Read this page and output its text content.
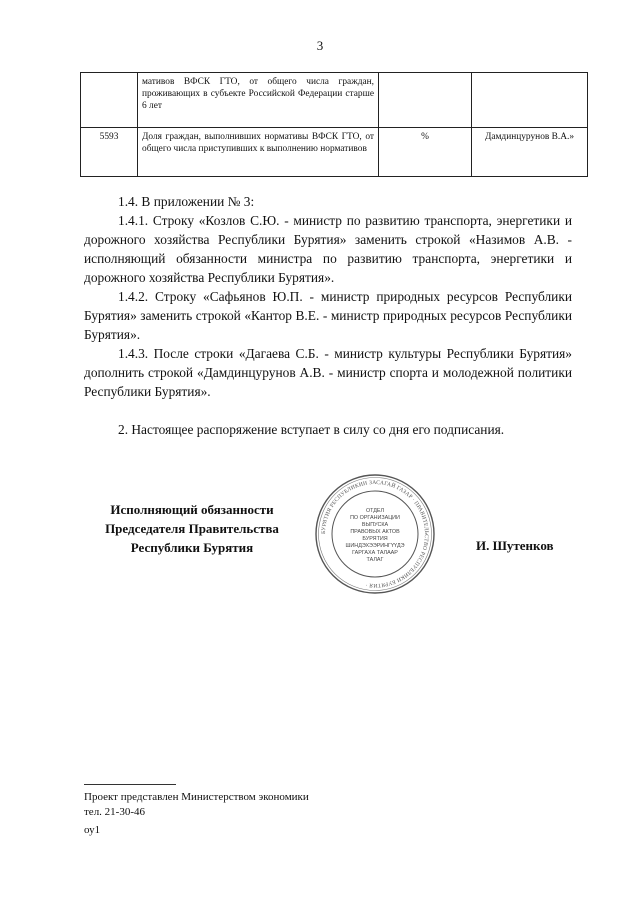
3
	мативов ВФСК ГТО, от общего числа граждан, проживающих в субъекте Российской Федерации старше 6 лет		
5593	Доля граждан, выполнивших нормативы ВФСК ГТО, от общего числа приступивших к выполнению нормативов	%	Дамдинцурунов В.А.»

1.4. В приложении № 3:

1.4.1. Строку «Козлов С.Ю. - министр по развитию транспорта, энергетики и дорожного хозяйства Республики Бурятия» заменить строкой «Назимов А.В. - исполняющий обязанности министра по развитию транспорта, энергетики и дорожного хозяйства Республики Бурятия».

1.4.2. Строку «Сафьянов Ю.П. - министр природных ресурсов Республики Бурятия» заменить строкой «Кантор В.Е. - министр природных ресурсов Республики Бурятия».

1.4.3. После строки «Дагаева С.Б. - министр культуры Республики Бурятия» дополнить строкой «Дамдинцурунов А.В. - министр спорта и молодежной политики Республики Бурятия».

2. Настоящее распоряжение вступает в силу со дня его подписания.

Исполняющий обязанности
Председателя Правительства
Республики Бурятия
БУРЯТИЯ РЕСПУБЛИКИН ЗАСАГАЙ ГАЗАР · ПРАВИТЕЛЬСТВО РЕСПУБЛИКИ БУРЯТИЯ ·
ОТДЕЛ
ПО ОРГАНИЗАЦИИ
ВЫПУСКА
ПРАВОВЫХ АКТОВ
БУРЯТИЯ
ШИНДЭХЭЭРИНГҮҮДЭ
ГАРГАХА ТАЛААР
ТАЛАГ
И. Шутенков
Проект представлен Министерством экономики
тел. 21-30-46
оу1
